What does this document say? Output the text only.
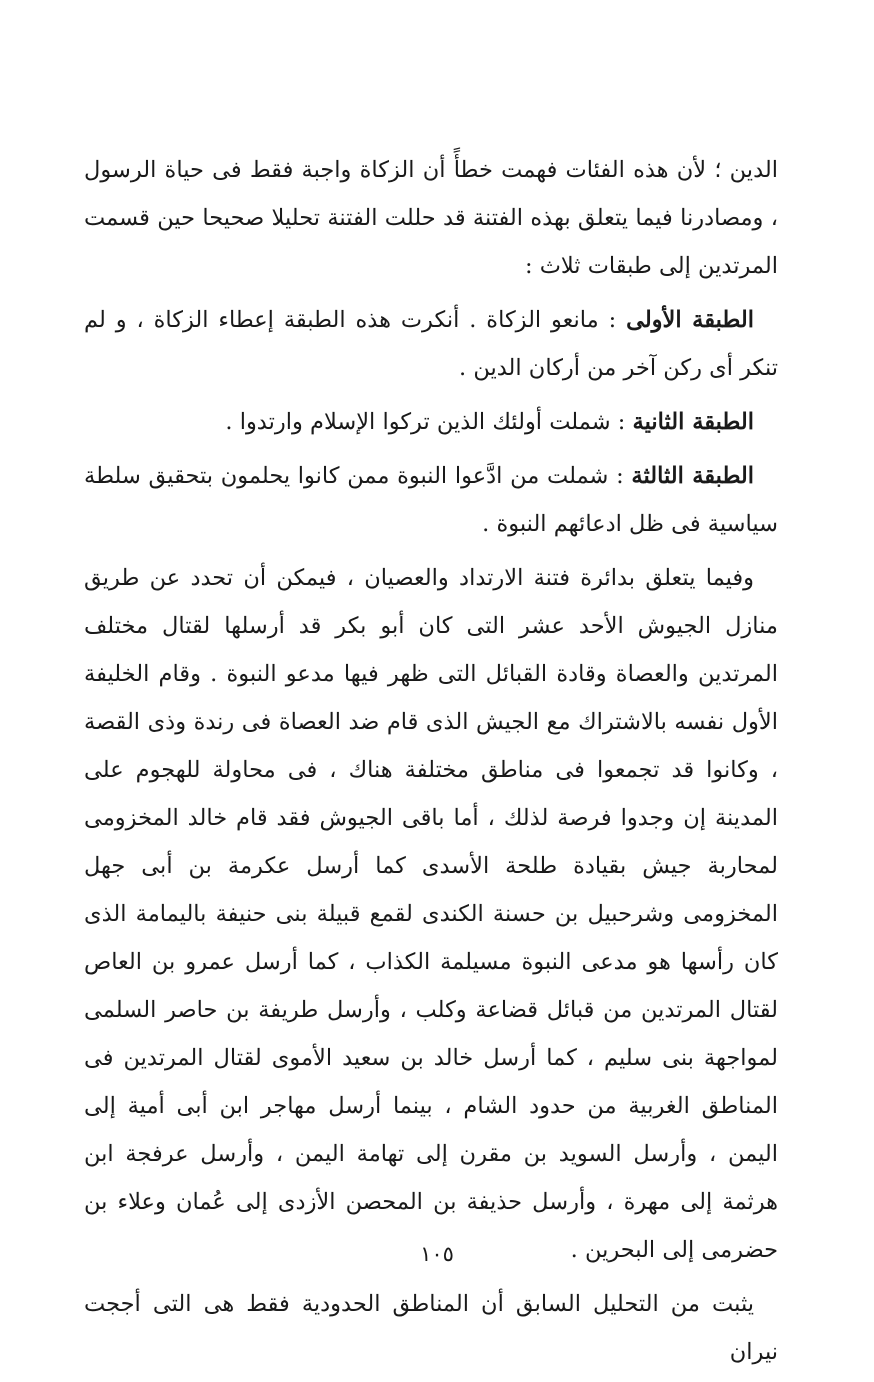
الدين ؛ لأن هذه الفئات فهمت خطأً أن الزكاة واجبة فقط فى حياة الرسول ، ومصادرنا فيما يتعلق بهذه الفتنة قد حللت الفتنة تحليلا صحيحا حين قسمت المرتدين إلى طبقات ثلاث :

الطبقة الأولى : مانعو الزكاة . أنكرت هذه الطبقة إعطاء الزكاة ، و لم تنكر أى ركن آخر من أركان الدين .

الطبقة الثانية : شملت أولئك الذين تركوا الإسلام وارتدوا .

الطبقة الثالثة : شملت من ادَّعوا النبوة ممن كانوا يحلمون بتحقيق سلطة سياسية فى ظل ادعائهم النبوة .

وفيما يتعلق بدائرة فتنة الارتداد والعصيان ، فيمكن أن تحدد عن طريق منازل الجيوش الأحد عشر التى كان أبو بكر قد أرسلها لقتال مختلف المرتدين والعصاة وقادة القبائل التى ظهر فيها مدعو النبوة . وقام الخليفة الأول نفسه بالاشتراك مع الجيش الذى قام ضد العصاة فى رندة وذى القصة ، وكانوا قد تجمعوا فى مناطق مختلفة هناك ، فى محاولة للهجوم على المدينة إن وجدوا فرصة لذلك ، أما باقى الجيوش فقد قام خالد المخزومى لمحاربة جيش بقيادة طلحة الأسدى كما أرسل عكرمة بن أبى جهل المخزومى وشرحبيل بن حسنة الكندى لقمع قبيلة بنى حنيفة باليمامة الذى كان رأسها هو مدعى النبوة مسيلمة الكذاب ، كما أرسل عمرو بن العاص لقتال المرتدين من قبائل قضاعة وكلب ، وأرسل طريفة بن حاصر السلمى لمواجهة بنى سليم ، كما أرسل خالد بن سعيد الأموى لقتال المرتدين فى المناطق الغربية من حدود الشام ، بينما أرسل مهاجر ابن أبى أمية إلى اليمن ، وأرسل السويد بن مقرن إلى تهامة اليمن ، وأرسل عرفجة ابن هرثمة إلى مهرة ، وأرسل حذيفة بن المحصن الأزدى إلى عُمان وعلاء بن حضرمى إلى البحرين .

يثبت من التحليل السابق أن المناطق الحدودية فقط هى التى أججت نيران

١٠٥
